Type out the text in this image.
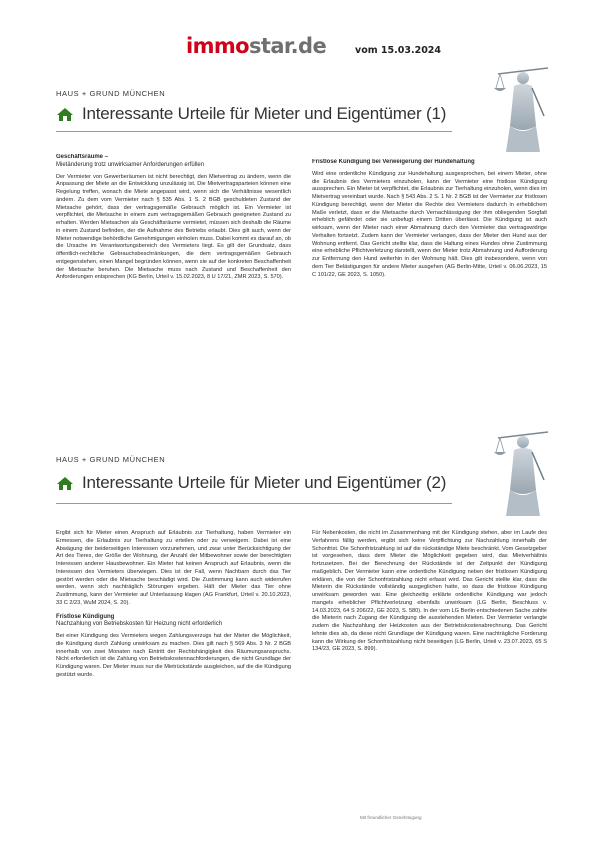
immostar.de	vom 15.03.2024
HAUS + GRUND MÜNCHEN
Interessante Urteile für Mieter und Eigentümer (1)
Geschäftsräume –
Mietänderung trotz unwirksamer Anforderungen erfüllen

Der Vermieter von Gewerberäumen ist nicht berechtigt, den Mietvertrag zu ändern, wenn die Anpassung der Miete an die Entwicklung unzulässig ist. Die Mietvertragsparteien können eine Regelung treffen, wonach die Miete angepasst wird, wenn sich die Verhältnisse wesentlich ändern. Zu dem vom Vermieter nach § 535 Abs. 1 S. 2 BGB geschuldeten Zustand der Mietsache gehört, dass der vertragsgemäße Gebrauch möglich ist. Ein Vermieter ist verpflichtet, die Mietsache in einem zum vertragsgemäßen Gebrauch geeigneten Zustand zu erhalten. Werden Mietsachen als Geschäftsräume vermietet, müssen sich deshalb die Räume in einem Zustand befinden, der die Aufnahme des Betriebs erlaubt. Dies gilt auch, wenn der Mieter notwendige behördliche Genehmigungen einholen muss. Dabei kommt es darauf an, ob die Ursache im Verantwortungsbereich des Vermieters liegt. Es gilt der Grundsatz, dass öffentlich-rechtliche Gebrauchsbeschränkungen, die dem vertragsgemäßen Gebrauch entgegenstehen, einen Mangel begründen können, wenn sie auf der konkreten Beschaffenheit der Mietsache beruhen. Die Mietsache muss nach Zustand und Beschaffenheit den Anforderungen entsprechen (KG Berlin, Urteil v. 15.02.2023, 8 U 17/21, ZMR 2023, S. 570).

Fristlose Kündigung bei Verweigerung der Hundehaltung

Wird eine ordentliche Kündigung zur Hundehaltung ausgesprochen, bei einem Mieter, ohne die Erlaubnis des Vermieters einzuholen, kann der Vermieter eine fristlose Kündigung aussprechen. Ein Mieter ist verpflichtet, die Erlaubnis zur Tierhaltung einzuholen, wenn dies im Mietvertrag vereinbart wurde. Nach § 543 Abs. 2 S. 1 Nr. 2 BGB ist der Vermieter zur fristlosen Kündigung berechtigt, wenn der Mieter die Rechte des Vermieters dadurch in erheblichem Maße verletzt, dass er die Mietsache durch Vernachlässigung der ihm obliegenden Sorgfalt erheblich gefährdet oder sie unbefugt einem Dritten überlässt. Die Kündigung ist auch wirksam, wenn der Mieter nach einer Abmahnung durch den Vermieter das vertragswidrige Verhalten fortsetzt. Zudem kann der Vermieter verlangen, dass der Mieter den Hund aus der Wohnung entfernt. Das Gericht stellte klar, dass die Haltung eines Hundes ohne Zustimmung eine erhebliche Pflichtverletzung darstellt, wenn der Mieter trotz Abmahnung und Aufforderung zur Entfernung den Hund weiterhin in der Wohnung hält. Dies gilt insbesondere, wenn von dem Tier Belästigungen für andere Mieter ausgehen (AG Berlin-Mitte, Urteil v. 06.06.2023, 15 C 101/22, GE 2023, S. 1050).

HAUS + GRUND MÜNCHEN
Interessante Urteile für Mieter und Eigentümer (2)

Ergibt sich für Mieter einen Anspruch auf Erlaubnis zur Tierhaltung, haben Vermieter ein Ermessen, die Erlaubnis zur Tierhaltung zu erteilen oder zu verweigern. Dabei ist eine Abwägung der beiderseitigen Interessen vorzunehmen, und zwar unter Berücksichtigung der Art des Tieres, der Größe der Wohnung, der Anzahl der Mitbewohner sowie der berechtigten Interessen anderer Hausbewohner. Ein Mieter hat keinen Anspruch auf Erlaubnis, wenn die Interessen des Vermieters überwiegen. Dies ist der Fall, wenn Nachbarn durch das Tier gestört werden oder die Mietsache beschädigt wird. Die Zustimmung kann auch widerrufen werden, wenn sich nachträglich Störungen ergeben. Hält der Mieter das Tier ohne Zustimmung, kann der Vermieter auf Unterlassung klagen (AG Frankfurt, Urteil v. 20.10.2023, 33 C 2/23, WuM 2024, S. 20).

Fristlose Kündigung
Nachzahlung von Betriebskosten für Heizung nicht erforderlich

Bei einer Kündigung des Vermieters wegen Zahlungsverzugs hat der Mieter die Möglichkeit, die Kündigung durch Zahlung unwirksam zu machen. Dies gilt nach § 569 Abs. 3 Nr. 2 BGB innerhalb von zwei Monaten nach Eintritt der Rechtshängigkeit des Räumungsanspruchs. Nicht erforderlich ist die Zahlung von Betriebskostennachforderungen, die nicht Grundlage der Kündigung waren. Der Mieter muss nur die Mietrückstände ausgleichen, auf die die Kündigung gestützt wurde.

Für Nebenkosten, die nicht im Zusammenhang mit der Kündigung stehen, aber im Laufe des Verfahrens fällig werden, ergibt sich keine Verpflichtung zur Nachzahlung innerhalb der Schonfrist. Die Schonfristzahlung ist auf die rückständige Miete beschränkt. Vom Gesetzgeber ist vorgesehen, dass dem Mieter die Möglichkeit gegeben wird, das Mietverhältnis fortzusetzen. Bei der Berechnung der Rückstände ist der Zeitpunkt der Kündigung maßgeblich. Der Vermieter kann eine ordentliche Kündigung neben der fristlosen Kündigung erklären, die von der Schonfristzahlung nicht erfasst wird. Das Gericht stellte klar, dass die Mieterin die Rückstände vollständig ausgeglichen hatte, so dass die fristlose Kündigung unwirksam geworden war. Eine gleichzeitig erklärte ordentliche Kündigung war jedoch mangels erheblicher Pflichtverletzung ebenfalls unwirksam (LG Berlin, Beschluss v. 14.03.2023, 64 S 206/22, GE 2023, S. 580). In der vom LG Berlin entschiedenen Sache zahlte die Mieterin nach Zugang der Kündigung die ausstehenden Mieten. Der Vermieter verlangte zudem die Nachzahlung der Heizkosten aus der Betriebskostenabrechnung. Das Gericht lehnte dies ab, da diese nicht Grundlage der Kündigung waren. Eine nachträgliche Forderung kann die Wirkung der Schonfristzahlung nicht beseitigen (LG Berlin, Urteil v. 23.07.2023, 65 S 134/23, GE 2023, S. 899).

Mit freundlicher Genehmigung
